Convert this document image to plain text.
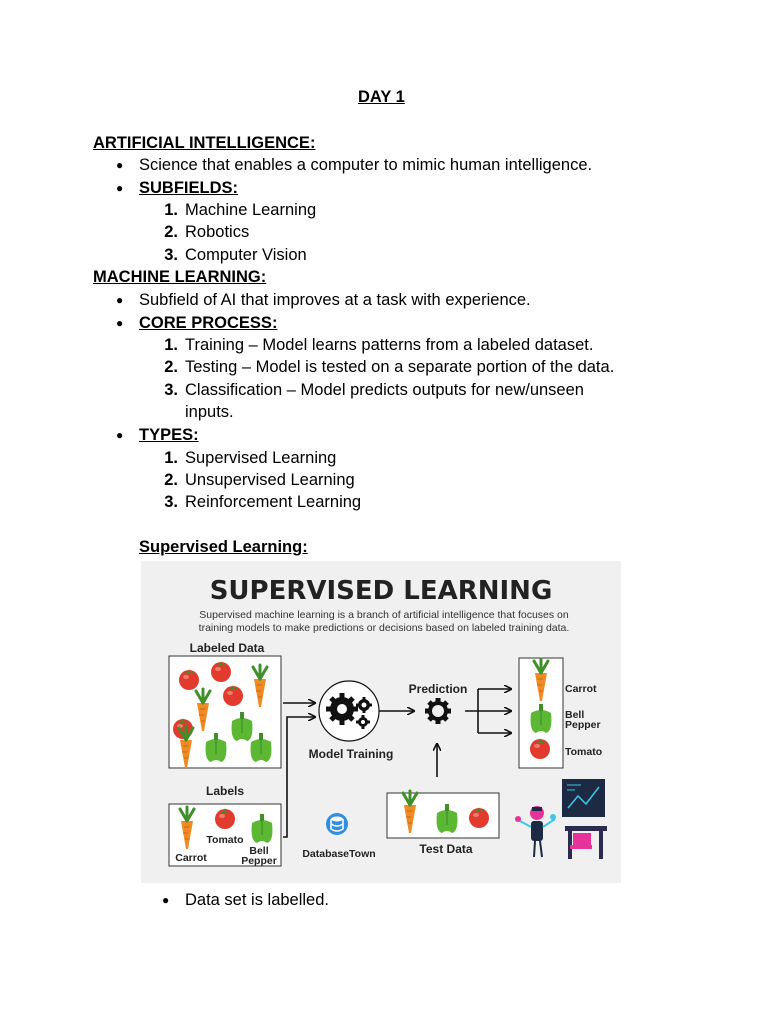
DAY 1
ARTIFICIAL INTELLIGENCE:
● Science that enables a computer to mimic human intelligence.
● SUBFIELDS:
1. Machine Learning
2. Robotics
3. Computer Vision
MACHINE LEARNING:
● Subfield of AI that improves at a task with experience.
● CORE PROCESS:
1. Training – Model learns patterns from a labeled dataset.
2. Testing – Model is tested on a separate portion of the data.
3. Classification – Model predicts outputs for new/unseen
inputs.
● TYPES:
1. Supervised Learning
2. Unsupervised Learning
3. Reinforcement Learning
Supervised Learning:
SUPERVISED LEARNING
Supervised machine learning is a branch of artificial intelligence that focuses on
training models to make predictions or decisions based on labeled training data.
Labeled Data
Labels
Tomato
Carrot
Bell
Pepper
Model Training
Prediction	Carrot
Bell
Pepper
Tomato
Test Data
DatabaseTown
● Data set is labelled.
